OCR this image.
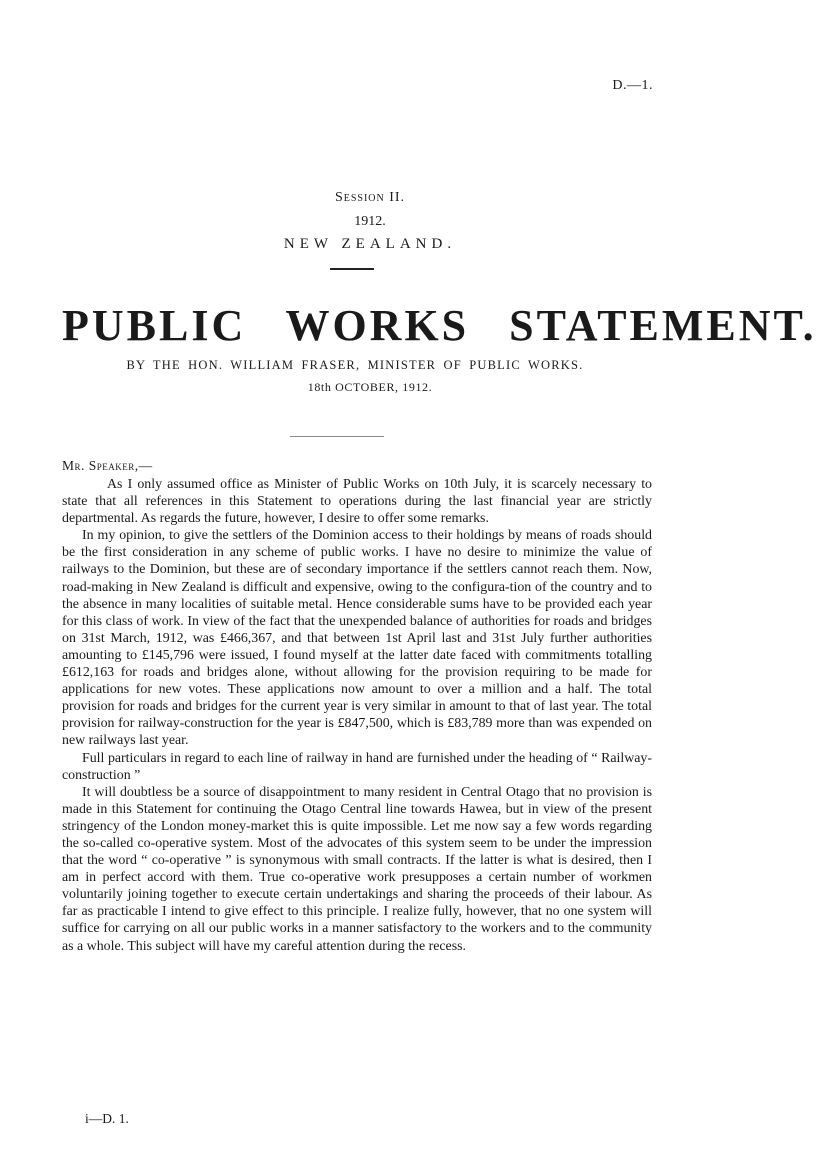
D.—1.
Session II.
1912.
NEW ZEALAND.
PUBLIC WORKS STATEMENT.
BY THE HON. WILLIAM FRASER, MINISTER OF PUBLIC WORKS.
18th OCTOBER, 1912.
Mr. Speaker,—

As I only assumed office as Minister of Public Works on 10th July, it is scarcely necessary to state that all references in this Statement to operations during the last financial year are strictly departmental. As regards the future, however, I desire to offer some remarks.

In my opinion, to give the settlers of the Dominion access to their holdings by means of roads should be the first consideration in any scheme of public works. I have no desire to minimize the value of railways to the Dominion, but these are of secondary importance if the settlers cannot reach them. Now, road-making in New Zealand is difficult and expensive, owing to the configura-tion of the country and to the absence in many localities of suitable metal. Hence considerable sums have to be provided each year for this class of work. In view of the fact that the unexpended balance of authorities for roads and bridges on 31st March, 1912, was £466,367, and that between 1st April last and 31st July further authorities amounting to £145,796 were issued, I found myself at the latter date faced with commitments totalling £612,163 for roads and bridges alone, without allowing for the provision requiring to be made for applications for new votes. These applications now amount to over a million and a half. The total provision for roads and bridges for the current year is very similar in amount to that of last year. The total provision for railway-construction for the year is £847,500, which is £83,789 more than was expended on new railways last year.

Full particulars in regard to each line of railway in hand are furnished under the heading of “ Railway-construction ”

It will doubtless be a source of disappointment to many resident in Central Otago that no provision is made in this Statement for continuing the Otago Central line towards Hawea, but in view of the present stringency of the London money-market this is quite impossible. Let me now say a few words regarding the so-called co-operative system. Most of the advocates of this system seem to be under the impression that the word “ co-operative ” is synonymous with small contracts. If the latter is what is desired, then I am in perfect accord with them. True co-operative work presupposes a certain number of workmen voluntarily joining together to execute certain undertakings and sharing the proceeds of their labour. As far as practicable I intend to give effect to this principle. I realize fully, however, that no one system will suffice for carrying on all our public works in a manner satisfactory to the workers and to the community as a whole. This subject will have my careful attention during the recess.

i—D. 1.
